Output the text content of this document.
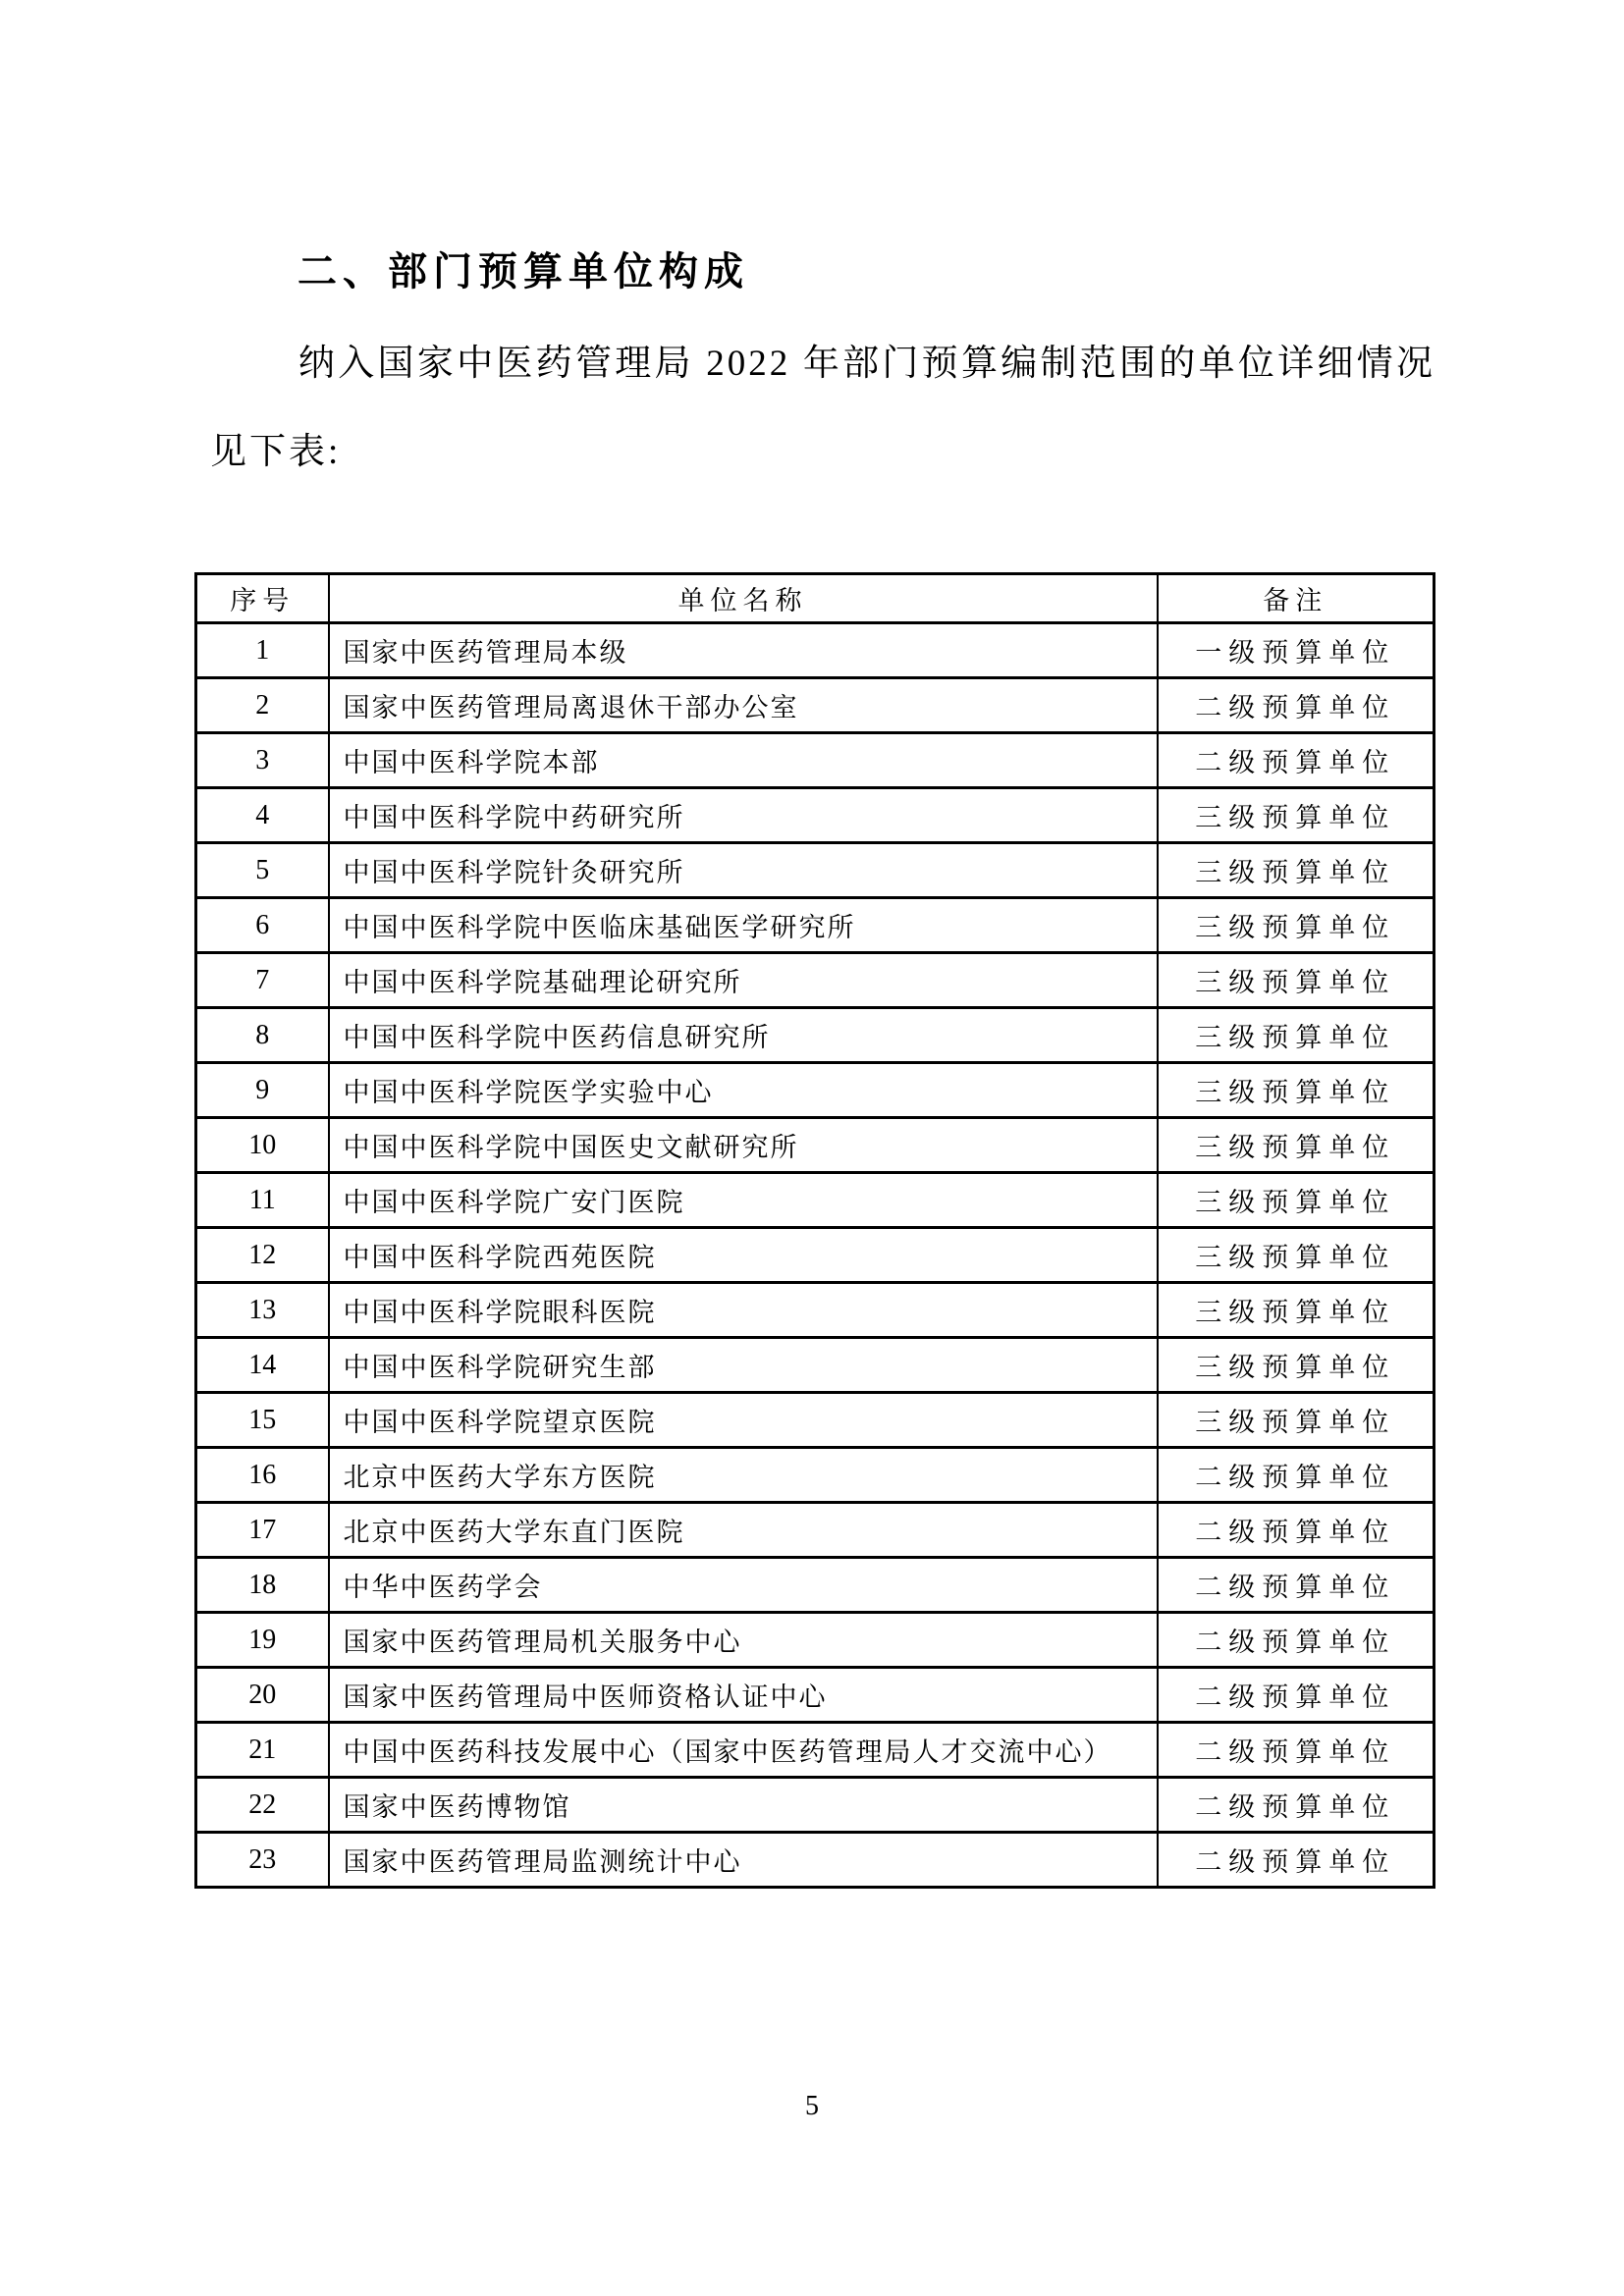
二、部门预算单位构成
纳入国家中医药管理局 2022 年部门预算编制范围的单位详细情况见下表:
序号	单位名称	备注
1	国家中医药管理局本级	一级预算单位
2	国家中医药管理局离退休干部办公室	二级预算单位
3	中国中医科学院本部	二级预算单位
4	中国中医科学院中药研究所	三级预算单位
5	中国中医科学院针灸研究所	三级预算单位
6	中国中医科学院中医临床基础医学研究所	三级预算单位
7	中国中医科学院基础理论研究所	三级预算单位
8	中国中医科学院中医药信息研究所	三级预算单位
9	中国中医科学院医学实验中心	三级预算单位
10	中国中医科学院中国医史文献研究所	三级预算单位
11	中国中医科学院广安门医院	三级预算单位
12	中国中医科学院西苑医院	三级预算单位
13	中国中医科学院眼科医院	三级预算单位
14	中国中医科学院研究生部	三级预算单位
15	中国中医科学院望京医院	三级预算单位
16	北京中医药大学东方医院	二级预算单位
17	北京中医药大学东直门医院	二级预算单位
18	中华中医药学会	二级预算单位
19	国家中医药管理局机关服务中心	二级预算单位
20	国家中医药管理局中医师资格认证中心	二级预算单位
21	中国中医药科技发展中心（国家中医药管理局人才交流中心）	二级预算单位
22	国家中医药博物馆	二级预算单位
23	国家中医药管理局监测统计中心	二级预算单位
5
